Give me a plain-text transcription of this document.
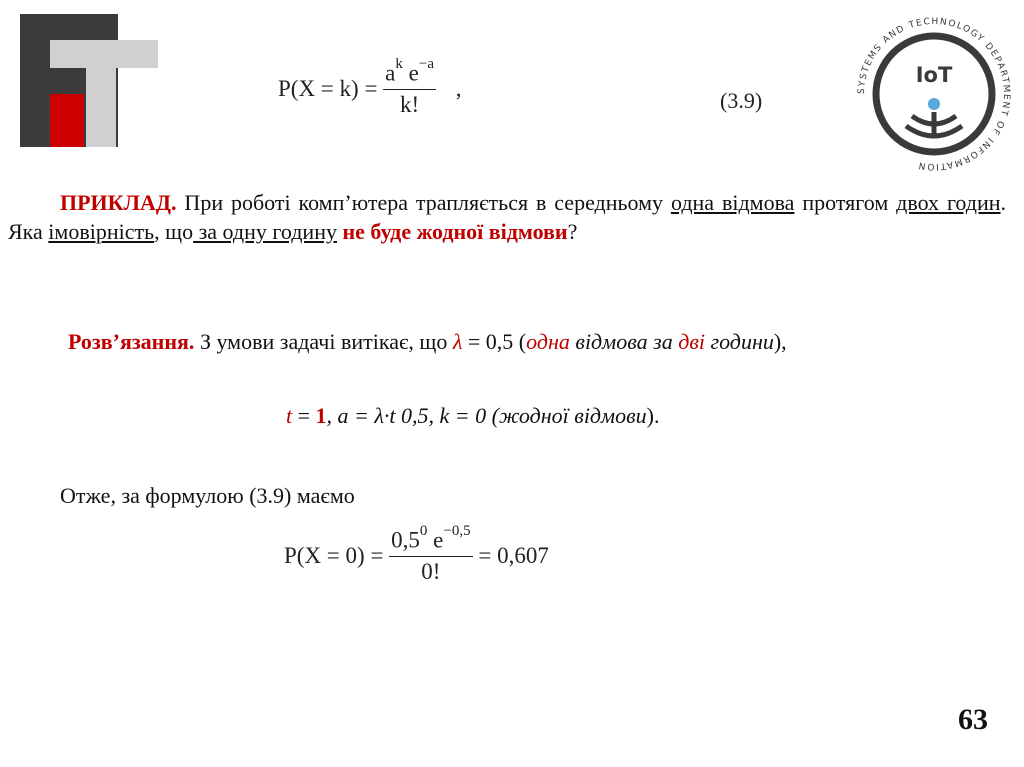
SYSTEMS AND TECHNOLOGY DEPARTMENT OF INFORMATION
IoT
$P(X = k) = \frac{a^k e^{-a}}{k!}$ ,	(3.9)
ПРИКЛАД. При роботі комп’ютера трапляється в середньому одна відмова протягом двох годин. Яка імовірність, що за одну годину не буде жодної відмови?
Розв’язання. З умови задачі витікає, що λ = 0,5 (одна відмова за дві години),
t = 1, a = λ·t 0,5, k = 0 (жодної відмови).
Отже, за формулою (3.9) маємо
$P(X = 0) = \frac{0,5^0 e^{-0,5}}{0!} = 0,607$
63
